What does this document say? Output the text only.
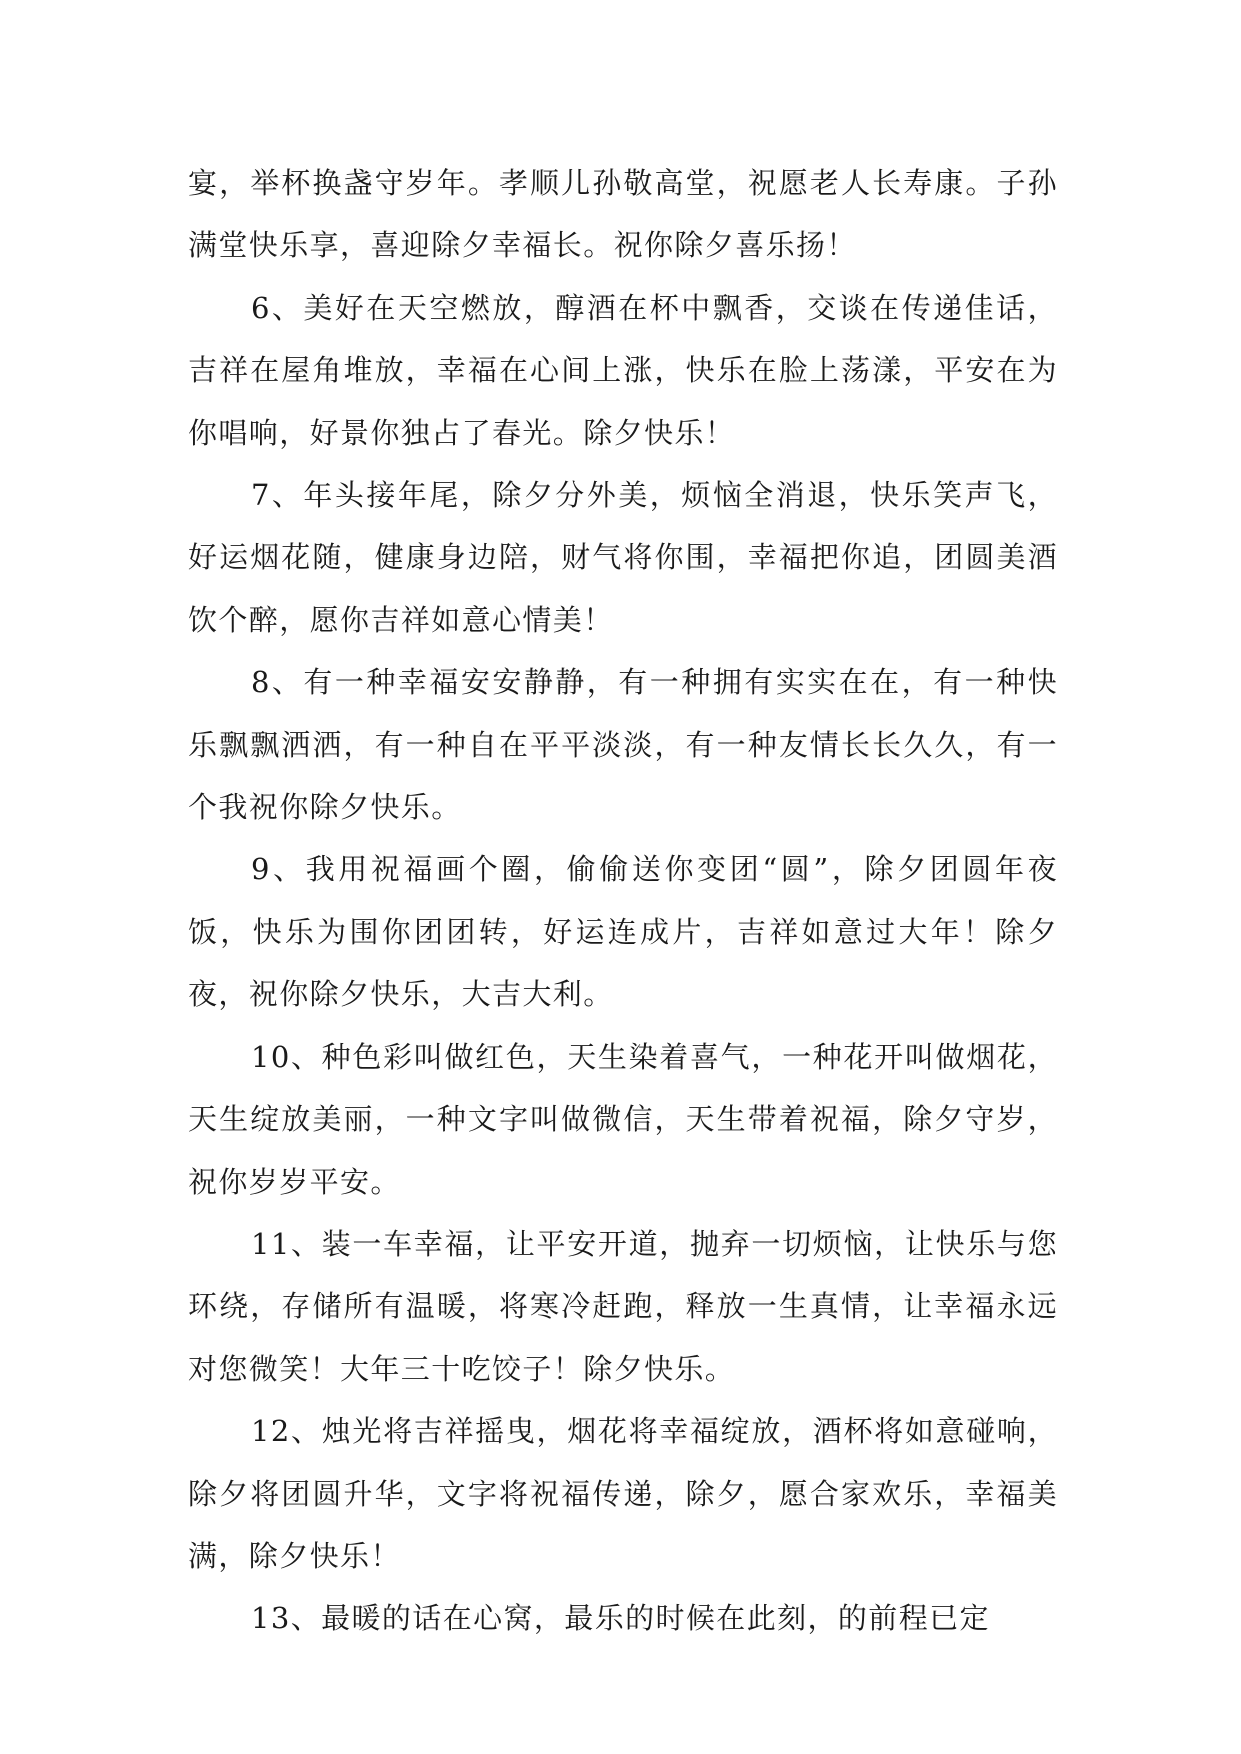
宴，举杯换盏守岁年。孝顺儿孙敬高堂，祝愿老人长寿康。子孙满堂快乐享，喜迎除夕幸福长。祝你除夕喜乐扬！

6、美好在天空燃放，醇酒在杯中飘香，交谈在传递佳话，吉祥在屋角堆放，幸福在心间上涨，快乐在脸上荡漾，平安在为你唱响，好景你独占了春光。除夕快乐！

7、年头接年尾，除夕分外美，烦恼全消退，快乐笑声飞，好运烟花随，健康身边陪，财气将你围，幸福把你追，团圆美酒饮个醉，愿你吉祥如意心情美！

8、有一种幸福安安静静，有一种拥有实实在在，有一种快乐飘飘洒洒，有一种自在平平淡淡，有一种友情长长久久，有一个我祝你除夕快乐。

9、我用祝福画个圈，偷偷送你变团“圆”，除夕团圆年夜饭，快乐为围你团团转，好运连成片，吉祥如意过大年！除夕夜，祝你除夕快乐，大吉大利。

10、种色彩叫做红色，天生染着喜气，一种花开叫做烟花，天生绽放美丽，一种文字叫做微信，天生带着祝福，除夕守岁，祝你岁岁平安。

11、装一车幸福，让平安开道，抛弃一切烦恼，让快乐与您环绕，存储所有温暖，将寒冷赶跑，释放一生真情，让幸福永远对您微笑！大年三十吃饺子！除夕快乐。

12、烛光将吉祥摇曳，烟花将幸福绽放，酒杯将如意碰响，除夕将团圆升华，文字将祝福传递，除夕，愿合家欢乐，幸福美满，除夕快乐！

13、最暖的话在心窝，最乐的时候在此刻，的前程已定
